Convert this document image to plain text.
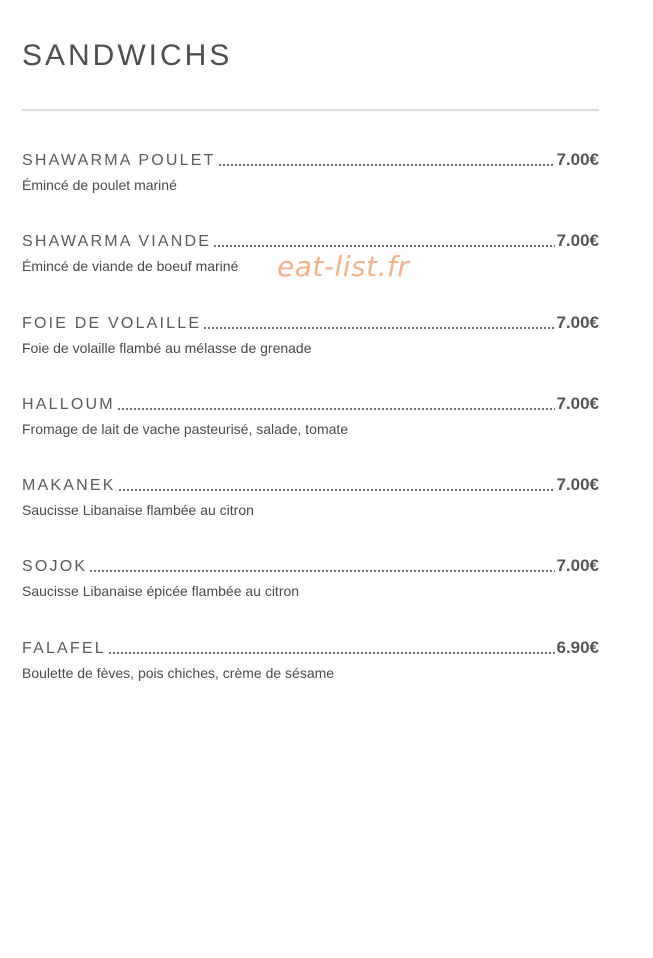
SANDWICHS
SHAWARMA POULET	7.00€
Émincé de poulet mariné
SHAWARMA VIANDE	7.00€
Émincé de viande de boeuf mariné
FOIE DE VOLAILLE	7.00€
Foie de volaille flambé au mélasse de grenade
HALLOUM	7.00€
Fromage de lait de vache pasteurisé, salade, tomate
MAKANEK	7.00€
Saucisse Libanaise flambée au citron
SOJOK	7.00€
Saucisse Libanaise épicée flambée au citron
FALAFEL	6.90€
Boulette de fèves, pois chiches, crème de sésame
eat-list.fr
